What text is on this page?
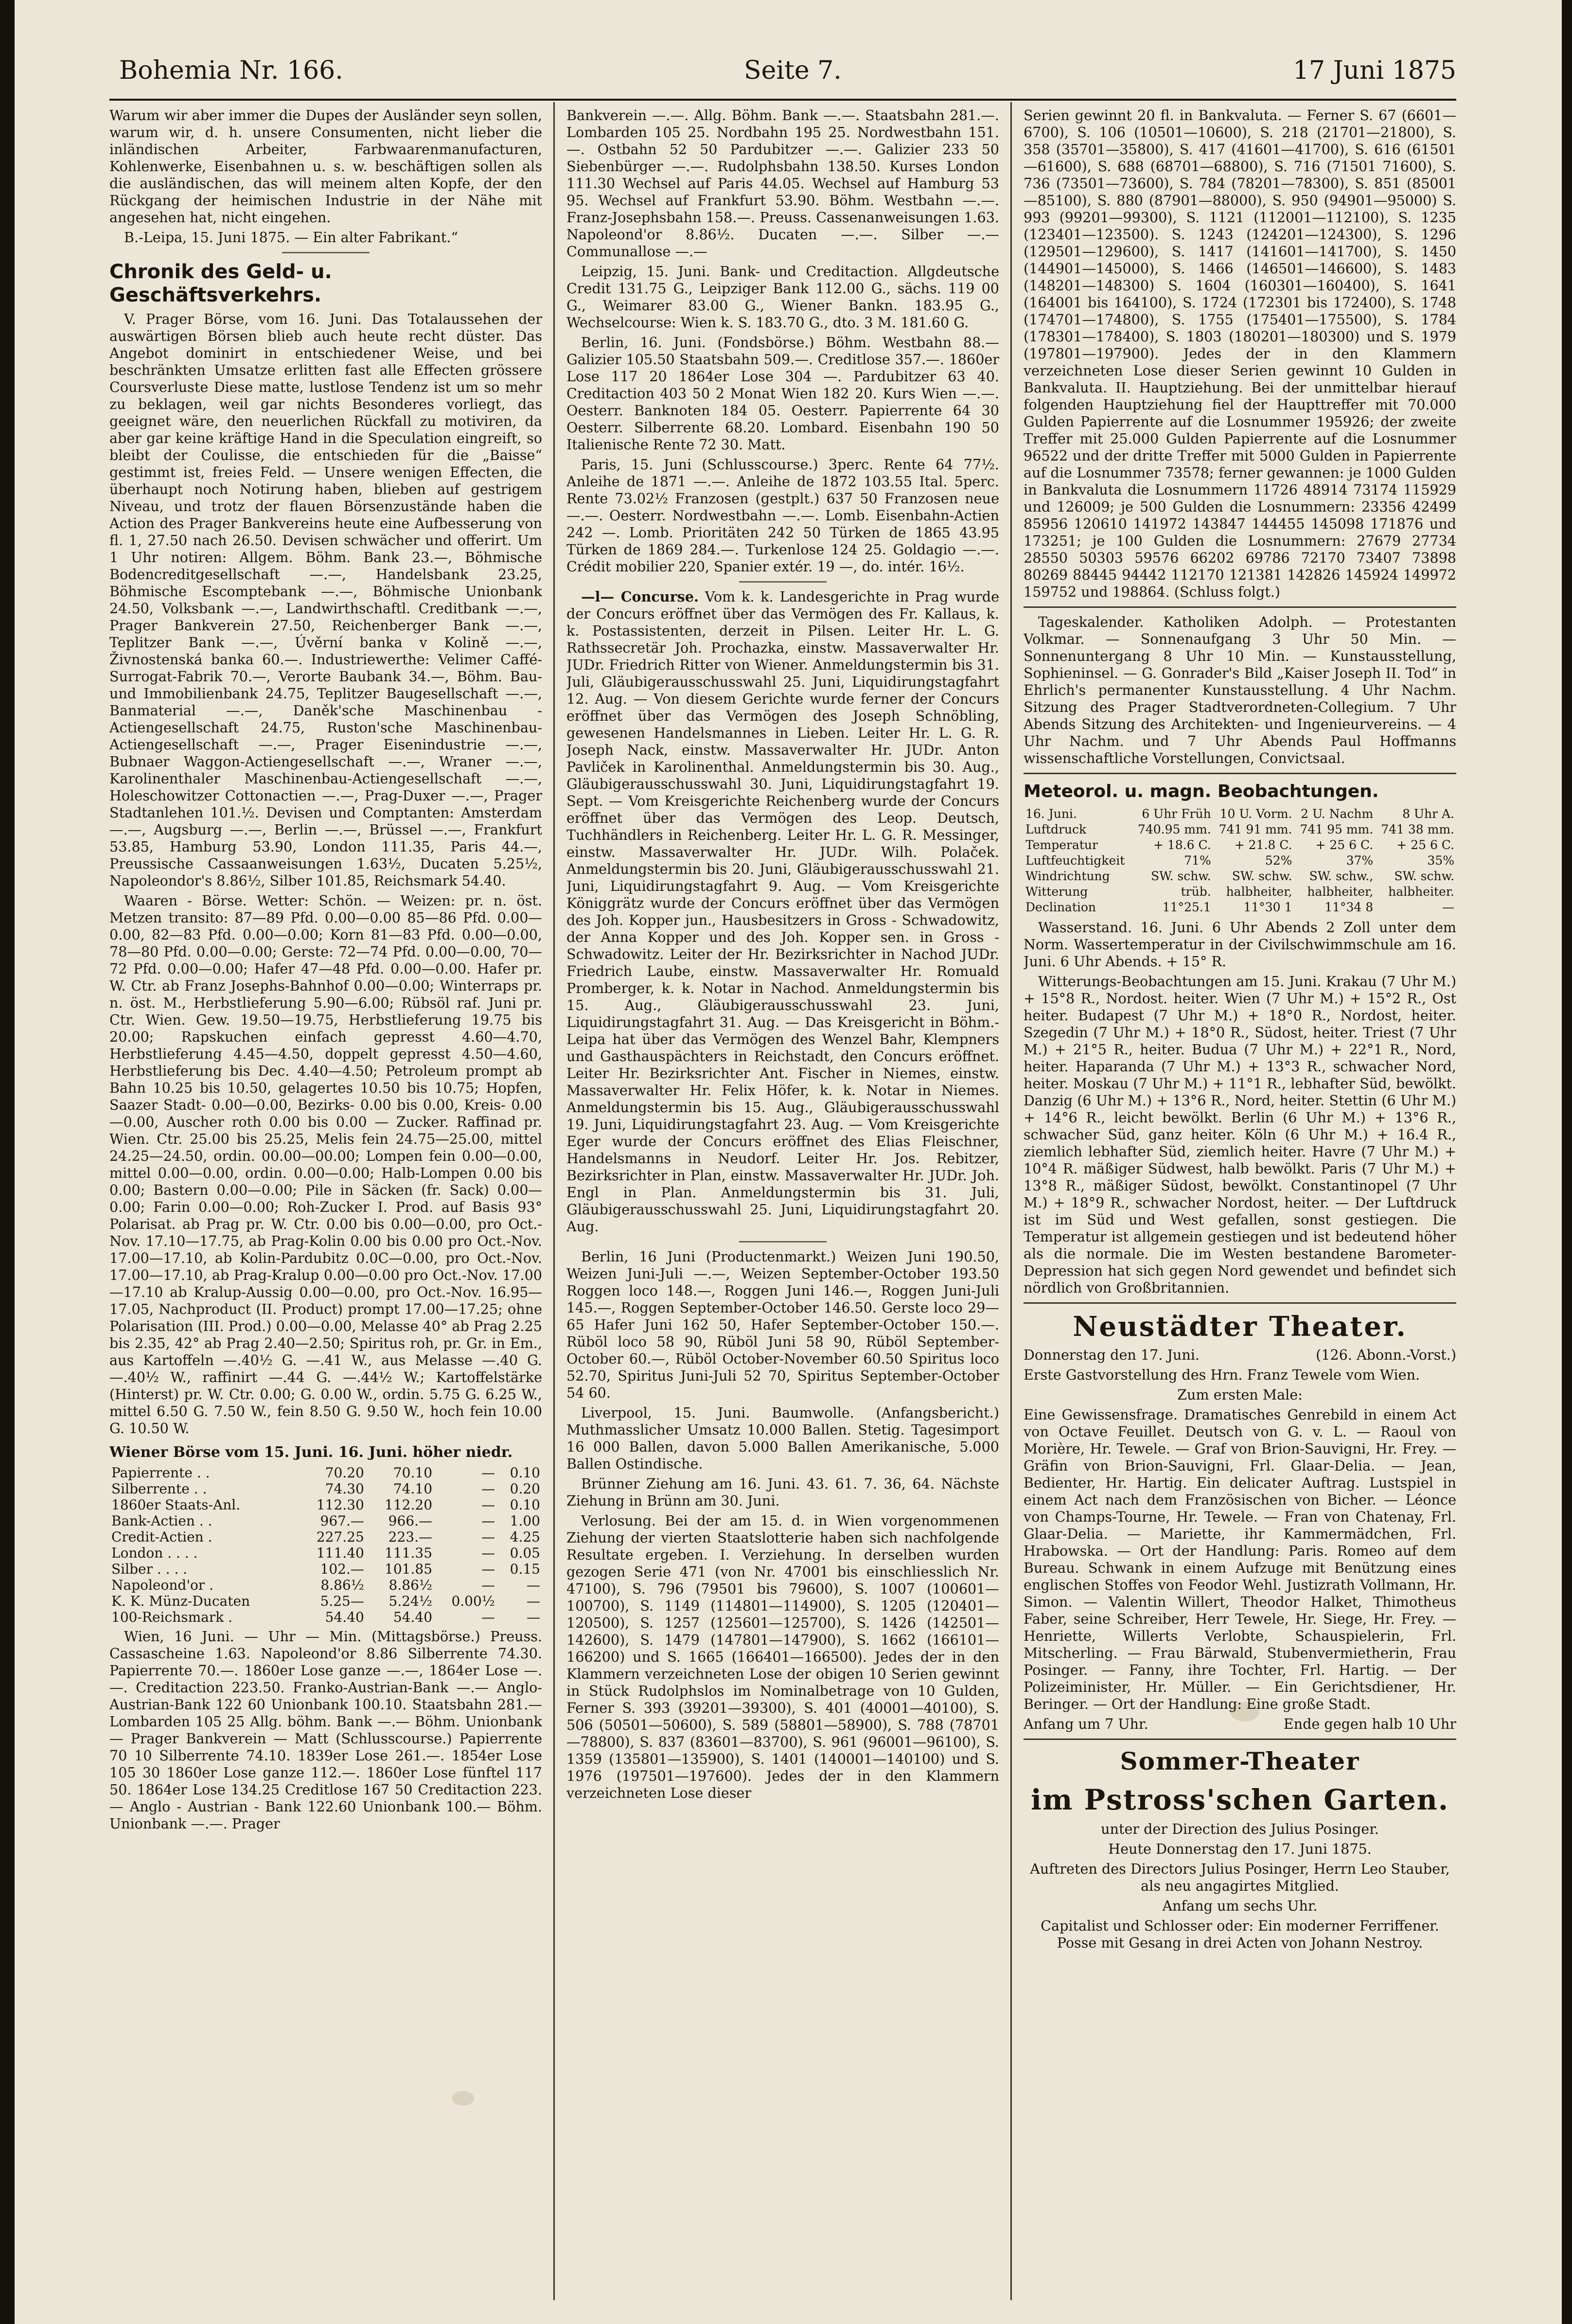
Bohemia Nr. 166.	Seite 7.	17 Juni 1875

Warum wir aber immer die Dupes der Ausländer seyn sollen, warum wir, d. h. unsere Consumenten, nicht lieber die inländischen Arbeiter, Farbwaarenmanufacturen, Kohlenwerke, Eisenbahnen u. s. w. beschäftigen sollen als die ausländischen, das will meinem alten Kopfe, der den Rückgang der heimischen Industrie in der Nähe mit angesehen hat, nicht eingehen.

B.-Leipa, 15. Juni 1875. — Ein alter Fabrikant.“

Chronik des Geld- u. Geschäftsverkehrs.

V. Prager Börse, vom 16. Juni. Das Totalaussehen der auswärtigen Börsen blieb auch heute recht düster. Das Angebot dominirt in entschiedener Weise, und bei beschränkten Umsatze erlitten fast alle Effecten grössere Coursverluste Diese matte, lustlose Tendenz ist um so mehr zu beklagen, weil gar nichts Besonderes vorliegt, das geeignet wäre, den neuerlichen Rückfall zu motiviren, da aber gar keine kräftige Hand in die Speculation eingreift, so bleibt der Coulisse, die entschieden für die „Baisse“ gestimmt ist, freies Feld. — Unsere wenigen Effecten, die überhaupt noch Notirung haben, blieben auf gestrigem Niveau, und trotz der flauen Börsenzustände haben die Action des Prager Bankvereins heute eine Aufbesserung von fl. 1, 27.50 nach 26.50. Devisen schwächer und offerirt. Um 1 Uhr notiren: Allgem. Böhm. Bank 23.—, Böhmische Bodencreditgesellschaft —.—, Handelsbank 23.25, Böhmische Escomptebank —.—, Böhmische Unionbank 24.50, Volksbank —.—, Landwirthschaftl. Creditbank —.—, Prager Bankverein 27.50, Reichenberger Bank —.—, Teplitzer Bank —.—, Úvěrní banka v Kolině —.—, Živnostenská banka 60.—. Industriewerthe: Velimer Caffé-Surrogat-Fabrik 70.—, Verorte Baubank 34.—, Böhm. Bau- und Immobilienbank 24.75, Teplitzer Baugesellschaft —.—, Banmaterial —.—, Daněk'sche Maschinenbau - Actiengesellschaft 24.75, Ruston'sche Maschinenbau-Actiengesellschaft —.—, Prager Eisenindustrie —.—, Bubnaer Waggon-Actiengesellschaft —.—, Wraner —.—, Karolinenthaler Maschinenbau-Actiengesellschaft —.—, Holeschowitzer Cottonactien —.—, Prag-Duxer —.—, Prager Stadtanlehen 101.½. Devisen und Comptanten: Amsterdam —.—, Augsburg —.—, Berlin —.—, Brüssel —.—, Frankfurt 53.85, Hamburg 53.90, London 111.35, Paris 44.—, Preussische Cassaanweisungen 1.63½, Ducaten 5.25½, Napoleondor's 8.86½, Silber 101.85, Reichsmark 54.40.

Waaren - Börse. Wetter: Schön. — Weizen: pr. n. öst. Metzen transito: 87—89 Pfd. 0.00—0.00 85—86 Pfd. 0.00—0.00, 82—83 Pfd. 0.00—0.00; Korn 81—83 Pfd. 0.00—0.00, 78—80 Pfd. 0.00—0.00; Gerste: 72—74 Pfd. 0.00—0.00, 70—72 Pfd. 0.00—0.00; Hafer 47—48 Pfd. 0.00—0.00. Hafer pr. W. Ctr. ab Franz Josephs-Bahnhof 0.00—0.00; Winterraps pr. n. öst. M., Herbstlieferung 5.90—6.00; Rübsöl raf. Juni pr. Ctr. Wien. Gew. 19.50—19.75, Herbstlieferung 19.75 bis 20.00; Rapskuchen einfach gepresst 4.60—4.70, Herbstlieferung 4.45—4.50, doppelt gepresst 4.50—4.60, Herbstlieferung bis Dec. 4.40—4.50; Petroleum prompt ab Bahn 10.25 bis 10.50, gelagertes 10.50 bis 10.75; Hopfen, Saazer Stadt- 0.00—0.00, Bezirks- 0.00 bis 0.00, Kreis- 0.00—0.00, Auscher roth 0.00 bis 0.00 — Zucker. Raffinad pr. Wien. Ctr. 25.00 bis 25.25, Melis fein 24.75—25.00, mittel 24.25—24.50, ordin. 00.00—00.00; Lompen fein 0.00—0.00, mittel 0.00—0.00, ordin. 0.00—0.00; Halb-Lompen 0.00 bis 0.00; Bastern 0.00—0.00; Pile in Säcken (fr. Sack) 0.00—0.00; Farin 0.00—0.00; Roh-Zucker I. Prod. auf Basis 93° Polarisat. ab Prag pr. W. Ctr. 0.00 bis 0.00—0.00, pro Oct.-Nov. 17.10—17.75, ab Prag-Kolin 0.00 bis 0.00 pro Oct.-Nov. 17.00—17.10, ab Kolin-Pardubitz 0.0C—0.00, pro Oct.-Nov. 17.00—17.10, ab Prag-Kralup 0.00—0.00 pro Oct.-Nov. 17.00—17.10 ab Kralup-Aussig 0.00—0.00, pro Oct.-Nov. 16.95—17.05, Nachproduct (II. Product) prompt 17.00—17.25; ohne Polarisation (III. Prod.) 0.00—0.00, Melasse 40° ab Prag 2.25 bis 2.35, 42° ab Prag 2.40—2.50; Spiritus roh, pr. Gr. in Em., aus Kartoffeln —.40½ G. —.41 W., aus Melasse —.40 G. —.40½ W., raffinirt —.44 G. —.44½ W.; Kartoffelstärke (Hinterst) pr. W. Ctr. 0.00; G. 0.00 W., ordin. 5.75 G. 6.25 W., mittel 6.50 G. 7.50 W., fein 8.50 G. 9.50 W., hoch fein 10.00 G. 10.50 W.

Wiener Börse vom 15. Juni. 16. Juni. höher niedr.
Papierrente . .	70.20	70.10	—	0.10
Silberrente . .	74.30	74.10	—	0.20
1860er Staats-Anl.	112.30	112.20	—	0.10
Bank-Actien . .	967.—	966.—	—	1.00
Credit-Actien .	227.25	223.—	—	4.25
London . . . .	111.40	111.35	—	0.05
Silber . . . .	102.—	101.85	—	0.15
Napoleond'or .	8.86½	8.86½	—	—
K. K. Münz-Ducaten	5.25—	5.24½	0.00½	—
100-Reichsmark .	54.40	54.40	—	—

Wien, 16 Juni. — Uhr — Min. (Mittagsbörse.) Preuss. Cassascheine 1.63. Napoleond'or 8.86 Silberrente 74.30. Papierrente 70.—. 1860er Lose ganze —.—, 1864er Lose —.—. Creditaction 223.50. Franko-Austrian-Bank —.— Anglo-Austrian-Bank 122 60 Unionbank 100.10. Staatsbahn 281.— Lombarden 105 25 Allg. böhm. Bank —.— Böhm. Unionbank — Prager Bankverein — Matt (Schlusscourse.) Papierrente 70 10 Silberrente 74.10. 1839er Lose 261.—. 1854er Lose 105 30 1860er Lose ganze 112.—. 1860er Lose fünftel 117 50. 1864er Lose 134.25 Creditlose 167 50 Creditaction 223.— Anglo - Austrian - Bank 122.60 Unionbank 100.— Böhm. Unionbank —.—. Prager

Bankverein —.—. Allg. Böhm. Bank —.—. Staatsbahn 281.—. Lombarden 105 25. Nordbahn 195 25. Nordwestbahn 151.—. Ostbahn 52 50 Pardubitzer —.—. Galizier 233 50 Siebenbürger —.—. Rudolphsbahn 138.50. Kurses London 111.30 Wechsel auf Paris 44.05. Wechsel auf Hamburg 53 95. Wechsel auf Frankfurt 53.90. Böhm. Westbahn —.—. Franz-Josephsbahn 158.—. Preuss. Cassenanweisungen 1.63. Napoleond'or 8.86½. Ducaten —.—. Silber —.— Communallose —.—

Leipzig, 15. Juni. Bank- und Creditaction. Allgdeutsche Credit 131.75 G., Leipziger Bank 112.00 G., sächs. 119 00 G., Weimarer 83.00 G., Wiener Bankn. 183.95 G., Wechselcourse: Wien k. S. 183.70 G., dto. 3 M. 181.60 G.

Berlin, 16. Juni. (Fondsbörse.) Böhm. Westbahn 88.— Galizier 105.50 Staatsbahn 509.—. Creditlose 357.—. 1860er Lose 117 20 1864er Lose 304 —. Pardubitzer 63 40. Creditaction 403 50 2 Monat Wien 182 20. Kurs Wien —.—. Oesterr. Banknoten 184 05. Oesterr. Papierrente 64 30 Oesterr. Silberrente 68.20. Lombard. Eisenbahn 190 50 Italienische Rente 72 30. Matt.

Paris, 15. Juni (Schlusscourse.) 3perc. Rente 64 77½. Anleihe de 1871 —.—. Anleihe de 1872 103.55 Ital. 5perc. Rente 73.02½ Franzosen (gestplt.) 637 50 Franzosen neue —.—. Oesterr. Nordwestbahn —.—. Lomb. Eisenbahn-Actien 242 —. Lomb. Prioritäten 242 50 Türken de 1865 43.95 Türken de 1869 284.—. Turkenlose 124 25. Goldagio —.—. Crédit mobilier 220, Spanier extér. 19 —, do. intér. 16½.

—l— Concurse. Vom k. k. Landesgerichte in Prag wurde der Concurs eröffnet über das Vermögen des Fr. Kallaus, k. k. Postassistenten, derzeit in Pilsen. Leiter Hr. L. G. Rathssecretär Joh. Prochazka, einstw. Massaverwalter Hr. JUDr. Friedrich Ritter von Wiener. Anmeldungstermin bis 31. Juli, Gläubigerausschusswahl 25. Juni, Liquidirungstagfahrt 12. Aug. — Von diesem Gerichte wurde ferner der Concurs eröffnet über das Vermögen des Joseph Schnöbling, gewesenen Handelsmannes in Lieben. Leiter Hr. L. G. R. Joseph Nack, einstw. Massaverwalter Hr. JUDr. Anton Pavliček in Karolinenthal. Anmeldungstermin bis 30. Aug., Gläubigerausschusswahl 30. Juni, Liquidirungstagfahrt 19. Sept. — Vom Kreisgerichte Reichenberg wurde der Concurs eröffnet über das Vermögen des Leop. Deutsch, Tuchhändlers in Reichenberg. Leiter Hr. L. G. R. Messinger, einstw. Massaverwalter Hr. JUDr. Wilh. Polaček. Anmeldungstermin bis 20. Juni, Gläubigerausschusswahl 21. Juni, Liquidirungstagfahrt 9. Aug. — Vom Kreisgerichte Königgrätz wurde der Concurs eröffnet über das Vermögen des Joh. Kopper jun., Hausbesitzers in Gross - Schwadowitz, der Anna Kopper und des Joh. Kopper sen. in Gross - Schwadowitz. Leiter der Hr. Bezirksrichter in Nachod JUDr. Friedrich Laube, einstw. Massaverwalter Hr. Romuald Promberger, k. k. Notar in Nachod. Anmeldungstermin bis 15. Aug., Gläubigerausschusswahl 23. Juni, Liquidirungstagfahrt 31. Aug. — Das Kreisgericht in Böhm.-Leipa hat über das Vermögen des Wenzel Bahr, Klempners und Gasthauspächters in Reichstadt, den Concurs eröffnet. Leiter Hr. Bezirksrichter Ant. Fischer in Niemes, einstw. Massaverwalter Hr. Felix Höfer, k. k. Notar in Niemes. Anmeldungstermin bis 15. Aug., Gläubigerausschusswahl 19. Juni, Liquidirungstagfahrt 23. Aug. — Vom Kreisgerichte Eger wurde der Concurs eröffnet des Elias Fleischner, Handelsmanns in Neudorf. Leiter Hr. Jos. Rebitzer, Bezirksrichter in Plan, einstw. Massaverwalter Hr. JUDr. Joh. Engl in Plan. Anmeldungstermin bis 31. Juli, Gläubigerausschusswahl 25. Juni, Liquidirungstagfahrt 20. Aug.

Berlin, 16 Juni (Productenmarkt.) Weizen Juni 190.50, Weizen Juni-Juli —.—, Weizen September-October 193.50 Roggen loco 148.—, Roggen Juni 146.—, Roggen Juni-Juli 145.—, Roggen September-October 146.50. Gerste loco 29—65 Hafer Juni 162 50, Hafer September-October 150.—. Rüböl loco 58 90, Rüböl Juni 58 90, Rüböl September-October 60.—, Rüböl October-November 60.50 Spiritus loco 52.70, Spiritus Juni-Juli 52 70, Spiritus September-October 54 60.

Liverpool, 15. Juni. Baumwolle. (Anfangsbericht.) Muthmasslicher Umsatz 10.000 Ballen. Stetig. Tagesimport 16 000 Ballen, davon 5.000 Ballen Amerikanische, 5.000 Ballen Ostindische.

Brünner Ziehung am 16. Juni. 43. 61. 7. 36, 64. Nächste Ziehung in Brünn am 30. Juni.

Verlosung. Bei der am 15. d. in Wien vorgenommenen Ziehung der vierten Staatslotterie haben sich nachfolgende Resultate ergeben. I. Verziehung. In derselben wurden gezogen Serie 471 (von Nr. 47001 bis einschliesslich Nr. 47100), S. 796 (79501 bis 79600), S. 1007 (100601—100700), S. 1149 (114801—114900), S. 1205 (120401—120500), S. 1257 (125601—125700), S. 1426 (142501—142600), S. 1479 (147801—147900), S. 1662 (166101—166200) und S. 1665 (166401—166500). Jedes der in den Klammern verzeichneten Lose der obigen 10 Serien gewinnt in Stück Rudolphslos im Nominalbetrage von 10 Gulden, Ferner S. 393 (39201—39300), S. 401 (40001—40100), S. 506 (50501—50600), S. 589 (58801—58900), S. 788 (78701—78800), S. 837 (83601—83700), S. 961 (96001—96100), S. 1359 (135801—135900), S. 1401 (140001—140100) und S. 1976 (197501—197600). Jedes der in den Klammern verzeichneten Lose dieser

Serien gewinnt 20 fl. in Bankvaluta. — Ferner S. 67 (6601—6700), S. 106 (10501—10600), S. 218 (21701—21800), S. 358 (35701—35800), S. 417 (41601—41700), S. 616 (61501—61600), S. 688 (68701—68800), S. 716 (71501 71600), S. 736 (73501—73600), S. 784 (78201—78300), S. 851 (85001—85100), S. 880 (87901—88000), S. 950 (94901—95000) S. 993 (99201—99300), S. 1121 (112001—112100), S. 1235 (123401—123500). S. 1243 (124201—124300), S. 1296 (129501—129600), S. 1417 (141601—141700), S. 1450 (144901—145000), S. 1466 (146501—146600), S. 1483 (148201—148300) S. 1604 (160301—160400), S. 1641 (164001 bis 164100), S. 1724 (172301 bis 172400), S. 1748 (174701—174800), S. 1755 (175401—175500), S. 1784 (178301—178400), S. 1803 (180201—180300) und S. 1979 (197801—197900). Jedes der in den Klammern verzeichneten Lose dieser Serien gewinnt 10 Gulden in Bankvaluta. II. Hauptziehung. Bei der unmittelbar hierauf folgenden Hauptziehung fiel der Haupttreffer mit 70.000 Gulden Papierrente auf die Losnummer 195926; der zweite Treffer mit 25.000 Gulden Papierrente auf die Losnummer 96522 und der dritte Treffer mit 5000 Gulden in Papierrente auf die Losnummer 73578; ferner gewannen: je 1000 Gulden in Bankvaluta die Losnummern 11726 48914 73174 115929 und 126009; je 500 Gulden die Losnummern: 23356 42499 85956 120610 141972 143847 144455 145098 171876 und 173251; je 100 Gulden die Losnummern: 27679 27734 28550 50303 59576 66202 69786 72170 73407 73898 80269 88445 94442 112170 121381 142826 145924 149972 159752 und 198864. (Schluss folgt.)

Tageskalender. Katholiken Adolph. — Protestanten Volkmar. — Sonnenaufgang 3 Uhr 50 Min. — Sonnenuntergang 8 Uhr 10 Min. — Kunstausstellung, Sophieninsel. — G. Gonrader's Bild „Kaiser Joseph II. Tod“ in Ehrlich's permanenter Kunstausstellung. 4 Uhr Nachm. Sitzung des Prager Stadtverordneten-Collegium. 7 Uhr Abends Sitzung des Architekten- und Ingenieurvereins. — 4 Uhr Nachm. und 7 Uhr Abends Paul Hoffmanns wissenschaftliche Vorstellungen, Convictsaal.

Meteorol. u. magn. Beobachtungen.
16. Juni.	6 Uhr Früh	10 U. Vorm.	2 U. Nachm	8 Uhr A.
Luftdruck	740.95 mm.	741 91 mm.	741 95 mm.	741 38 mm.
Temperatur	+ 18.6 C.	+ 21.8 C.	+ 25 6 C.	+ 25 6 C.
Luftfeuchtigkeit	71%	52%	37%	35%
Windrichtung	SW. schw.	SW. schw.	SW. schw.,	SW. schw.
Witterung	trüb.	halbheiter,	halbheiter,	halbheiter.
Declination	11°25.1	11°30 1	11°34 8	—

Wasserstand. 16. Juni. 6 Uhr Abends 2 Zoll unter dem Norm. Wassertemperatur in der Civilschwimmschule am 16. Juni. 6 Uhr Abends. + 15° R.

Witterungs-Beobachtungen am 15. Juni. Krakau (7 Uhr M.) + 15°8 R., Nordost. heiter. Wien (7 Uhr M.) + 15°2 R., Ost heiter. Budapest (7 Uhr M.) + 18°0 R., Nordost, heiter. Szegedin (7 Uhr M.) + 18°0 R., Südost, heiter. Triest (7 Uhr M.) + 21°5 R., heiter. Budua (7 Uhr M.) + 22°1 R., Nord, heiter. Haparanda (7 Uhr M.) + 13°3 R., schwacher Nord, heiter. Moskau (7 Uhr M.) + 11°1 R., lebhafter Süd, bewölkt. Danzig (6 Uhr M.) + 13°6 R., Nord, heiter. Stettin (6 Uhr M.) + 14°6 R., leicht bewölkt. Berlin (6 Uhr M.) + 13°6 R., schwacher Süd, ganz heiter. Köln (6 Uhr M.) + 16.4 R., ziemlich lebhafter Süd, ziemlich heiter. Havre (7 Uhr M.) + 10°4 R. mäßiger Südwest, halb bewölkt. Paris (7 Uhr M.) + 13°8 R., mäßiger Südost, bewölkt. Constantinopel (7 Uhr M.) + 18°9 R., schwacher Nordost, heiter. — Der Luftdruck ist im Süd und West gefallen, sonst gestiegen. Die Temperatur ist allgemein gestiegen und ist bedeutend höher als die normale. Die im Westen bestandene Barometer-Depression hat sich gegen Nord gewendet und befindet sich nördlich von Großbritannien.

Neustädter Theater.

Donnerstag den 17. Juni.	(126. Abonn.-Vorst.)

Erste Gastvorstellung des Hrn. Franz Tewele vom Wien.

Zum ersten Male:

Eine Gewissensfrage. Dramatisches Genrebild in einem Act von Octave Feuillet. Deutsch von G. v. L. — Raoul von Morière, Hr. Tewele. — Graf von Brion-Sauvigni, Hr. Frey. — Gräfin von Brion-Sauvigni, Frl. Glaar-Delia. — Jean, Bedienter, Hr. Hartig. Ein delicater Auftrag. Lustspiel in einem Act nach dem Französischen von Bicher. — Léonce von Champs-Tourne, Hr. Tewele. — Fran von Chatenay, Frl. Glaar-Delia. — Mariette, ihr Kammermädchen, Frl. Hrabowska. — Ort der Handlung: Paris. Romeo auf dem Bureau. Schwank in einem Aufzuge mit Benützung eines englischen Stoffes von Feodor Wehl. Justizrath Vollmann, Hr. Simon. — Valentin Willert, Theodor Halket, Thimotheus Faber, seine Schreiber, Herr Tewele, Hr. Siege, Hr. Frey. — Henriette, Willerts Verlobte, Schauspielerin, Frl. Mitscherling. — Frau Bärwald, Stubenvermietherin, Frau Posinger. — Fanny, ihre Tochter, Frl. Hartig. — Der Polizeiminister, Hr. Müller. — Ein Gerichtsdiener, Hr. Beringer. — Ort der Handlung: Eine große Stadt.

Anfang um 7 Uhr.	Ende gegen halb 10 Uhr

Sommer-Theater
im Pstross'schen Garten.

unter der Direction des Julius Posinger.

Heute Donnerstag den 17. Juni 1875.

Auftreten des Directors Julius Posinger, Herrn Leo Stauber, als neu angagirtes Mitglied.

Anfang um sechs Uhr.

Capitalist und Schlosser oder: Ein moderner Ferriffener. Posse mit Gesang in drei Acten von Johann Nestroy.
